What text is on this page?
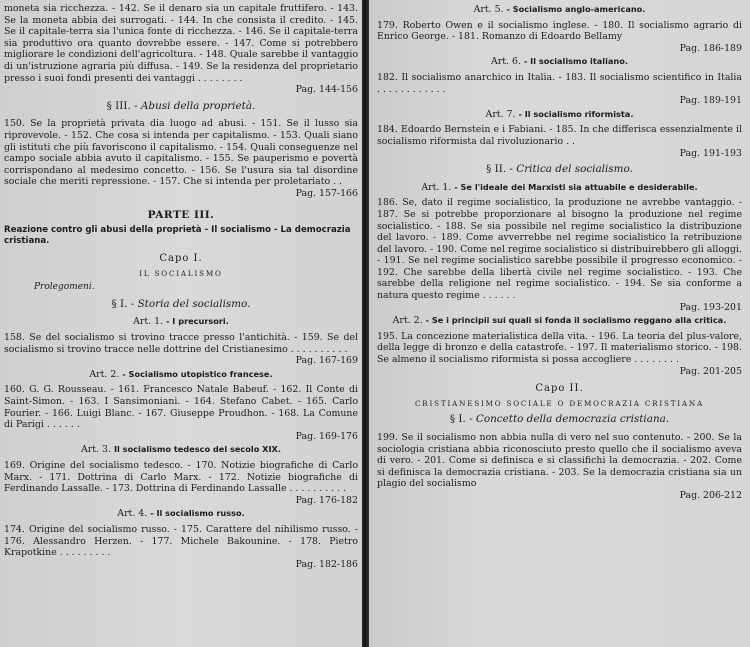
moneta sia ricchezza. - 142. Se il denaro sia un capitale fruttifero. - 143. Se la moneta abbia dei surrogati. - 144. In che consista il credito. - 145. Se il capitale-terra sia l'unica fonte di ricchezza. - 146. Se il capitale-terra sia produttivo ora quanto dovrebbe essere. - 147. Come si potrebbero migliorare le condizioni dell'agricoltura. - 148. Quale sarebbe il vantaggio di un'istruzione agraria più diffusa. - 149. Se la residenza del proprietario presso i suoi fondi presenti dei vantaggi . . . . . . . .
Pag. 144-156

§ III. - Abusi della proprietà.

150. Se la proprietà privata dia luogo ad abusi. - 151. Se il lusso sia riprovevole. - 152. Che cosa si intenda per capitalismo. - 153. Quali siano gli istituti che più favoriscono il capitalismo. - 154. Quali conseguenze nel campo sociale abbia avuto il capitalismo. - 155. Se pauperismo e povertà corrispondano al medesimo concetto. - 156. Se l'usura sia tal disordine sociale che meriti repressione. - 157. Che si intenda per proletariato . .
Pag. 157-166

PARTE III.
Reazione contro gli abusi della proprietà - Il socialismo - La democrazia cristiana.
Capo I.
IL SOCIALISMO
Prolegomeni.
§ I. - Storia del socialismo.
Art. 1. - I precursori.

158. Se del socialismo si trovino tracce presso l'antichità. - 159. Se del socialismo si trovino tracce nelle dottrine del Cristianesimo . . . . . . . . . .
Pag. 167-169

Art. 2. - Socialismo utopistico francese.

160. G. G. Rousseau. - 161. Francesco Natale Babeuf. - 162. Il Conte di Saint-Simon. - 163. I Sansimoniani. - 164. Stefano Cabet. - 165. Carlo Fourier. - 166. Luigi Blanc. - 167. Giuseppe Proudhon. - 168. La Comune di Parigi . . . . . .
Pag. 169-176

Art. 3. Il socialismo tedesco del secolo XIX.

169. Origine del socialismo tedesco. - 170. Notizie biografiche di Carlo Marx. - 171. Dottrina di Carlo Marx. - 172. Notizie biografiche di Ferdinando Lassalle. - 173. Dottrina di Ferdinando Lassalle . . . . . . . . . .
Pag. 176-182

Art. 4. - Il socialismo russo.

174. Origine del socialismo russo. - 175. Carattere del nihilismo russo. - 176. Alessandro Herzen. - 177. Michele Bakounine. - 178. Pietro Krapotkine . . . . . . . . .
Pag. 182-186

Art. 5. - Socialismo anglo-americano.

179. Roberto Owen e il socialismo inglese. - 180. Il socialismo agrario di Enrico George. - 181. Romanzo di Edoardo Bellamy
Pag. 186-189

Art. 6. - Il socialismo italiano.

182. Il socialismo anarchico in Italia. - 183. Il socialismo scientifico in Italia . . . . . . . . . . . .
Pag. 189-191

Art. 7. - Il socialismo riformista.

184. Edoardo Bernstein e i Fabiani. - 185. In che differisca essenzialmente il socialismo riformista dal rivoluzionario . .
Pag. 191-193

§ II. - Critica del socialismo.
Art. 1. - Se l'ideale dei Marxisti sia attuabile e desiderabile.

186. Se, dato il regime socialistico, la produzione ne avrebbe vantaggio. - 187. Se si potrebbe proporzionare al bisogno la produzione nel regime socialistico. - 188. Se sia possibile nel regime socialistico la distribuzione del lavoro. - 189. Come avverrebbe nel regime socialistico la retribuzione del lavoro. - 190. Come nel regime socialistico si distribuirebbero gli alloggi. - 191. Se nel regime socialistico sarebbe possibile il progresso economico. - 192. Che sarebbe della libertà civile nel regime socialistico. - 193. Che sarebbe della religione nel regime socialistico. - 194. Se sia conforme a natura questo regime . . . . . .
Pag. 193-201

Art. 2. - Se i principii sui quali si fonda il socialismo reggano alla critica.

195. La concezione materialistica della vita. - 196. La teoria del plus-valore, della legge di bronzo e della catastrofe. - 197. Il materialismo storico. - 198. Se almeno il socialismo riformista si possa accogliere . . . . . . . .
Pag. 201-205

Capo II.
CRISTIANESIMO SOCIALE O DEMOCRAZIA CRISTIANA
§ I. - Concetto della democrazia cristiana.

199. Se il socialismo non abbia nulla di vero nel suo contenuto. - 200. Se la sociologia cristiana abbia riconosciuto presto quello che il socialismo aveva di vero. - 201. Come si definisca e si classifichi la democrazia. - 202. Come si definisca la democrazia cristiana. - 203. Se la democrazia cristiana sia un plagio del socialismo
Pag. 206-212
